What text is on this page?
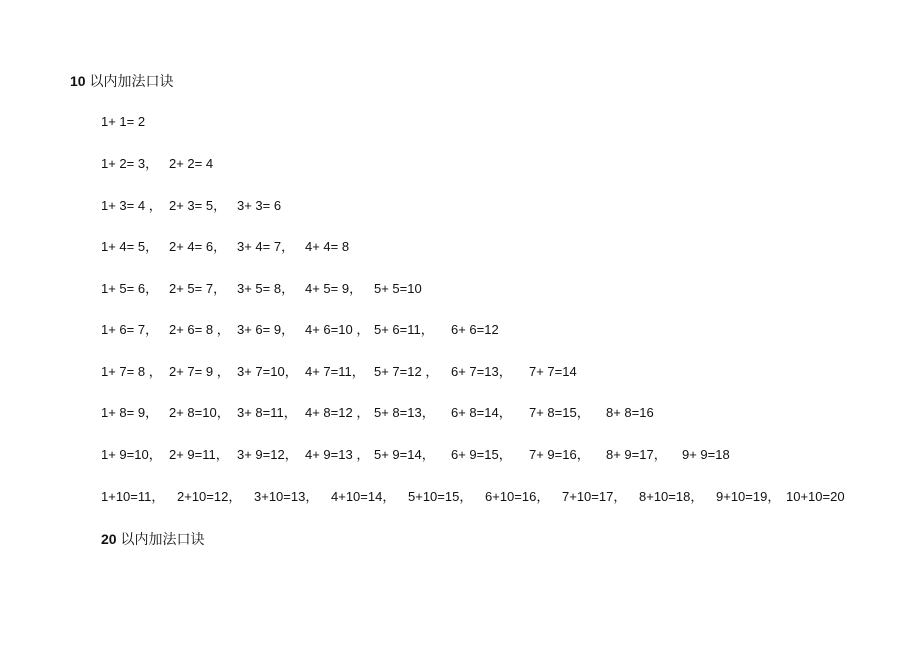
10 以内加法口诀
1+ 1= 2
1+ 2= 3， 2+ 2= 4
1+ 3= 4 ， 2+ 3= 5， 3+ 3= 6
1+ 4= 5， 2+ 4= 6， 3+ 4= 7， 4+ 4= 8
1+ 5= 6， 2+ 5= 7， 3+ 5= 8， 4+ 5= 9， 5+ 5=10
1+ 6= 7， 2+ 6= 8 ， 3+ 6= 9， 4+ 6=10 ， 5+ 6=11， 6+ 6=12
1+ 7= 8 ， 2+ 7= 9 ， 3+ 7=10， 4+ 7=11， 5+ 7=12 ， 6+ 7=13， 7+ 7=14
1+ 8= 9， 2+ 8=10， 3+ 8=11， 4+ 8=12 ， 5+ 8=13， 6+ 8=14， 7+ 8=15， 8+ 8=16
1+ 9=10， 2+ 9=11， 3+ 9=12， 4+ 9=13 ， 5+ 9=14， 6+ 9=15， 7+ 9=16， 8+ 9=17， 9+ 9=18
1+10=11， 2+10=12， 3+10=13， 4+10=14， 5+10=15， 6+10=16， 7+10=17， 8+10=18， 9+10=19， 10+10=20
20 以内加法口诀
